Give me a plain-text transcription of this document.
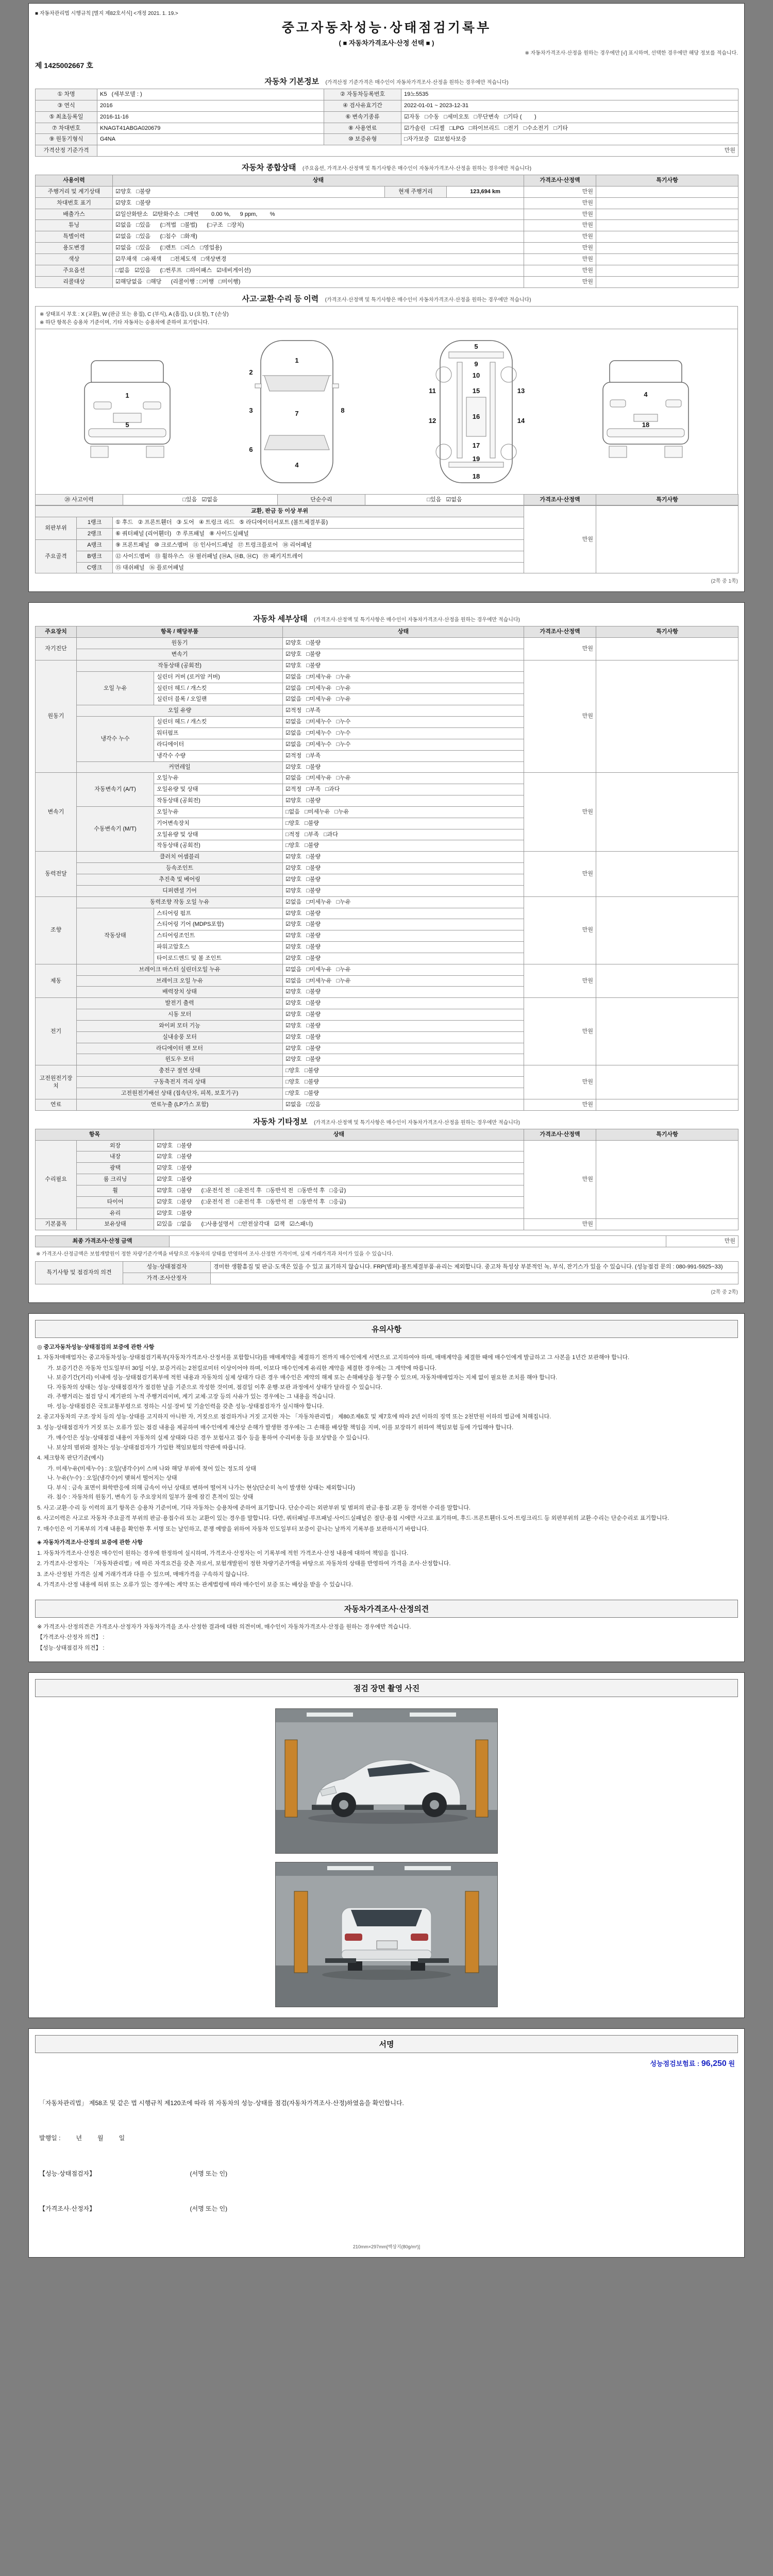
■ 자동차관리법 시행규칙 [별지 제82호서식] <개정 2021. 1. 19.>
중고자동차성능·상태점검기록부
( ■ 자동차가격조사·산정 선택 ■ )
※ 자동차가격조사·산정을 원하는 경우에만 [√] 표시하며, 선택한 경우에만 해당 정보를 적습니다.
제 1425002667 호
자동차 기본정보 (가격산정 기준가격은 매수인이 자동차가격조사·산정을 원하는 경우에만 적습니다)
① 차명	K5   (세부모델 : )	② 자동차등록번호	19노5535
③ 연식	2016	④ 검사유효기간	2022-01-01 ~ 2023-12-31
⑤ 최초등록일	2016-11-16	⑥ 변속기종류	☑자동   □수동   □세미오토   □무단변속   □기타 (        )
⑦ 차대번호	KNAGT41ABGA020679	⑧ 사용연료	☑가솔린   □디젤   □LPG   □하이브리드   □전기   □수소전기   □기타
⑨ 원동기형식	G4NA	⑩ 보증유형	□자가보증   ☑보험사보증
가격산정 기준가격	만원		
자동차 종합상태 (주요옵션, 가격조사·산정액 및 특기사항은 매수인이 자동차가격조사·산정을 원하는 경우에만 적습니다)
사용이력	상태			가격조사·산정액	특기사항
주행거리 및 계기상태	☑양호   □불량	현재 주행거리	123,694 km	만원	
차대번호 표기	☑양호   □불량			만원	
배출가스	☑일산화탄소   ☑탄화수소   □매연        0.00 %,      9 ppm,        %			만원	
튜닝	☑없음   □있음      (□적법   □불법)      (□구조   □장치)			만원	
특별이력	☑없음   □있음      (□침수   □화재)			만원	
용도변경	☑없음   □있음      (□렌트   □리스   □영업용)			만원	
색상	☑무채색   □유채색      □전체도색   □색상변경			만원	
주요옵션	□없음   ☑있음      (□썬루프   □하이패스   ☑네비게이션)			만원	
리콜대상	☑해당없음   □해당      (리콜이행 : □이행   □미이행)			만원	
사고·교환·수리 등 이력 (가격조사·산정액 및 특기사항은 매수인이 자동차가격조사·산정을 원하는 경우에만 적습니다)
※ 상태표시 부호 : X (교환), W (판금 또는 용접), C (부식), A (흠집), U (요철), T (손상)
※ 하단 항목은 승용차 기준이며, 기타 자동차는 승용차에 준하여 표기합니다.
1
5
1
7
4
2
3
6
8
5
9
10
15
16
17
19
18
11
12
13
14
4
18
⑳ 사고이력	□있음   ☑없음	단순수리	□있음   ☑없음	가격조사·산정액	특기사항
교환, 판금 등 이상 부위			만원	
외판부위	1랭크	① 후드   ② 프론트휀더   ③ 도어   ④ 트렁크 리드   ⑤ 라디에이터서포트 (볼트체결부품)		
	2랭크	⑥ 쿼터패널 (리어휀더)   ⑦ 루프패널   ⑧ 사이드실패널		
주요골격	A랭크	⑨ 프론트패널   ⑩ 크로스멤버   ⑪ 인사이드패널   ⑰ 트렁크플로어   ⑱ 리어패널		
	B랭크	⑫ 사이드멤버   ⑬ 휠하우스   ⑭ 필러패널 (⑭A, ⑭B, ⑭C)   ⑲ 패키지트레이		
	C랭크	⑮ 대쉬패널   ⑯ 플로어패널		
(2쪽 중 1쪽)
자동차 세부상태 (가격조사·산정액 및 특기사항은 매수인이 자동차가격조사·산정을 원하는 경우에만 적습니다)
주요장치	항목 / 해당부품		상태	가격조사·산정액	특기사항
자기진단	원동기		☑양호   □불량	만원	
	변속기		☑양호   □불량		
원동기	작동상태 (공회전)		☑양호   □불량	만원	
	오일 누유	실린더 커버 (로커암 커버)	☑없음   □미세누유   □누유		
		실린더 헤드 / 개스킷	☑없음   □미세누유   □누유		
		실린더 블록 / 오일팬	☑없음   □미세누유   □누유		
	오일 유량		☑적정   □부족		
	냉각수 누수	실린더 헤드 / 개스킷	☑없음   □미세누수   □누수		
		워터펌프	☑없음   □미세누수   □누수		
		라디에이터	☑없음   □미세누수   □누수		
		냉각수 수량	☑적정   □부족		
	커먼레일		☑양호   □불량		
변속기	자동변속기 (A/T)	오일누유	☑없음   □미세누유   □누유	만원	
		오일유량 및 상태	☑적정   □부족   □과다		
		작동상태 (공회전)	☑양호   □불량		
	수동변속기 (M/T)	오일누유	□없음   □미세누유   □누유		
		기어변속장치	□양호   □불량		
		오일유량 및 상태	□적정   □부족   □과다		
		작동상태 (공회전)	□양호   □불량		
동력전달	클러치 어셈블리		☑양호   □불량	만원	
	등속조인트		☑양호   □불량		
	추진축 및 베어링		☑양호   □불량		
	디퍼렌셜 기어		☑양호   □불량		
조향	동력조향 작동 오일 누유		☑없음   □미세누유   □누유	만원	
	작동상태	스티어링 펌프	☑양호   □불량		
		스티어링 기어 (MDPS포함)	☑양호   □불량		
		스티어링조인트	☑양호   □불량		
		파워고압호스	☑양호   □불량		
		타이로드엔드 및 볼 조인트	☑양호   □불량		
제동	브레이크 마스터 실린더오일 누유		☑없음   □미세누유   □누유	만원	
	브레이크 오일 누유		☑없음   □미세누유   □누유		
	배력장치 상태		☑양호   □불량		
전기	발전기 출력		☑양호   □불량	만원	
	시동 모터		☑양호   □불량		
	와이퍼 모터 기능		☑양호   □불량		
	실내송풍 모터		☑양호   □불량		
	라디에이터 팬 모터		☑양호   □불량		
	윈도우 모터		☑양호   □불량		
고전원전기장치	충전구 절연 상태		□양호   □불량	만원	
	구동축전지 격리 상태		□양호   □불량		
	고전원전기배선 상태 (접속단자, 피복, 보호기구)		□양호   □불량		
연료	연료누출 (LP가스 포함)		☑없음   □있음	만원	
자동차 기타정보 (가격조사·산정액 및 특기사항은 매수인이 자동차가격조사·산정을 원하는 경우에만 적습니다)
항목		상태	가격조사·산정액	특기사항
수리필요	외장	☑양호   □불량	만원	
	내장	☑양호   □불량		
	광택	☑양호   □불량		
	룸 크리닝	☑양호   □불량		
	휠	☑양호   □불량      (□운전석 전   □운전석 후   □동반석 전   □동반석 후   □응급)		
	타이어	☑양호   □불량      (□운전석 전   □운전석 후   □동반석 전   □동반석 후   □응급)		
	유리	☑양호   □불량		
기본품목	보유상태	☑있음   □없음      (□사용설명서   □안전삼각대   ☑잭   ☑스패너)	만원	
최종 가격조사·산정 금액		만원
※ 가격조사·산정금액은 보험개발원이 정한 차량기준가액을 바탕으로 자동차의 상태를 반영하여 조사·산정한 가격이며, 실제 거래가격과 차이가 있을 수 있습니다.
특기사항 및 점검자의 의견	성능·상태점검자	경미한 생활흠집 및 판금·도색은 있을 수 있고 표기하지 않습니다. FRP(범퍼)·볼트체결부품·유리는 제외합니다. 중고차 특성상 부분적인 녹, 부식, 잔기스가 있을 수 있습니다. (성능점검 문의 : 080-991-5925~33)
	가격·조사산정자	
(2쪽 중 2쪽)
유의사항
◎ 중고자동차성능·상태점검의 보증에 관한 사항
1. 자동차매매업자는 중고자동차성능·상태점검기록부(자동차가격조사·산정서를 포함합니다)를 매매계약을 체결하기 전까지 매수인에게 서면으로 고지하여야 하며, 매매계약을 체결한 때에 매수인에게 발급하고 그 사본을 1년간 보관해야 합니다.
가. 보증기간은 자동차 인도일부터 30일 이상, 보증거리는 2천킬로미터 이상이어야 하며, 이보다 매수인에게 유리한 계약을 체결한 경우에는 그 계약에 따릅니다.
나. 보증기간(거리) 이내에 성능·상태점검기록부에 적힌 내용과 자동차의 실제 상태가 다른 경우 매수인은 계약의 해제 또는 손해배상을 청구할 수 있으며, 자동차매매업자는 지체 없이 필요한 조치를 해야 합니다.
다. 자동차의 상태는 성능·상태점검자가 점검한 날을 기준으로 작성한 것이며, 점검일 이후 운행·보관 과정에서 상태가 달라질 수 있습니다.
라. 주행거리는 점검 당시 계기판의 누적 주행거리이며, 계기 교체·고장 등의 사유가 있는 경우에는 그 내용을 적습니다.
마. 성능·상태점검은 국토교통부령으로 정하는 시설·장비 및 기술인력을 갖춘 성능·상태점검자가 실시해야 합니다.
2. 중고자동차의 구조·장치 등의 성능·상태를 고지하지 아니한 자, 거짓으로 점검하거나 거짓 고지한 자는 「자동차관리법」 제80조제6호 및 제7호에 따라 2년 이하의 징역 또는 2천만원 이하의 벌금에 처해집니다.
3. 성능·상태점검자가 거짓 또는 오류가 있는 점검 내용을 제공하여 매수인에게 재산상 손해가 발생한 경우에는 그 손해를 배상할 책임을 지며, 이를 보장하기 위하여 책임보험 등에 가입해야 합니다.
가. 매수인은 성능·상태점검 내용이 자동차의 실제 상태와 다른 경우 보험사고 접수 등을 통하여 수리비용 등을 보상받을 수 있습니다.
나. 보상의 범위와 절차는 성능·상태점검자가 가입한 책임보험의 약관에 따릅니다.
4. 체크항목 판단기준(예시)
가. 미세누유(미세누수) : 오일(냉각수)이 스며 나와 해당 부위에 젖어 있는 정도의 상태
나. 누유(누수) : 오일(냉각수)이 맺혀서 떨어지는 상태
다. 부식 : 금속 표면이 화학반응에 의해 금속이 아닌 상태로 변하여 떨어져 나가는 현상(단순히 녹이 발생한 상태는 제외합니다)
라. 침수 : 자동차의 원동기, 변속기 등 주요장치의 일부가 물에 잠긴 흔적이 있는 상태
5. 사고·교환·수리 등 이력의 표기 항목은 승용차 기준이며, 기타 자동차는 승용차에 준하여 표기합니다. 단순수리는 외판부위 및 범퍼의 판금·용접·교환 등 경미한 수리를 말합니다.
6. 사고이력은 사고로 자동차 주요골격 부위의 판금·용접수리 또는 교환이 있는 경우를 말합니다. 다만, 쿼터패널·루프패널·사이드실패널은 절단·용접 시에만 사고로 표기하며, 후드·프론트휀더·도어·트렁크리드 등 외판부위의 교환·수리는 단순수리로 표기합니다.
7. 매수인은 이 기록부의 기재 내용을 확인한 후 서명 또는 날인하고, 분쟁 예방을 위하여 자동차 인도일부터 보증이 끝나는 날까지 기록부를 보관하시기 바랍니다.
◈ 자동차가격조사·산정의 보증에 관한 사항
1. 자동차가격조사·산정은 매수인이 원하는 경우에 한정하여 실시하며, 가격조사·산정자는 이 기록부에 적힌 가격조사·산정 내용에 대하여 책임을 집니다.
2. 가격조사·산정자는 「자동차관리법」에 따른 자격요건을 갖춘 자로서, 보험개발원이 정한 차량기준가액을 바탕으로 자동차의 상태를 반영하여 가격을 조사·산정합니다.
3. 조사·산정된 가격은 실제 거래가격과 다를 수 있으며, 매매가격을 구속하지 않습니다.
4. 가격조사·산정 내용에 허위 또는 오류가 있는 경우에는 계약 또는 관계법령에 따라 매수인이 보증 또는 배상을 받을 수 있습니다.
자동차가격조사·산정의견
※ 가격조사·산정의견은 가격조사·산정자가 자동차가격을 조사·산정한 결과에 대한 의견이며, 매수인이 자동차가격조사·산정을 원하는 경우에만 적습니다.
【가격조사·산정자 의견】 :
【성능·상태점검자 의견】 :
점검 장면 촬영 사진
서명
성능점검보험료 : 96,250 원

「자동차관리법」 제58조 및 같은 법 시행규칙 제120조에 따라 위 자동차의 성능·상태를 점검(자동차가격조사·산정)하였음을 확인합니다.

발행일 :         년         월         일

【성능·상태점검자】                                                       (서명 또는 인)

【가격조사·산정자】                                                       (서명 또는 인)

210mm×297mm[백상지(80g/m²)]
